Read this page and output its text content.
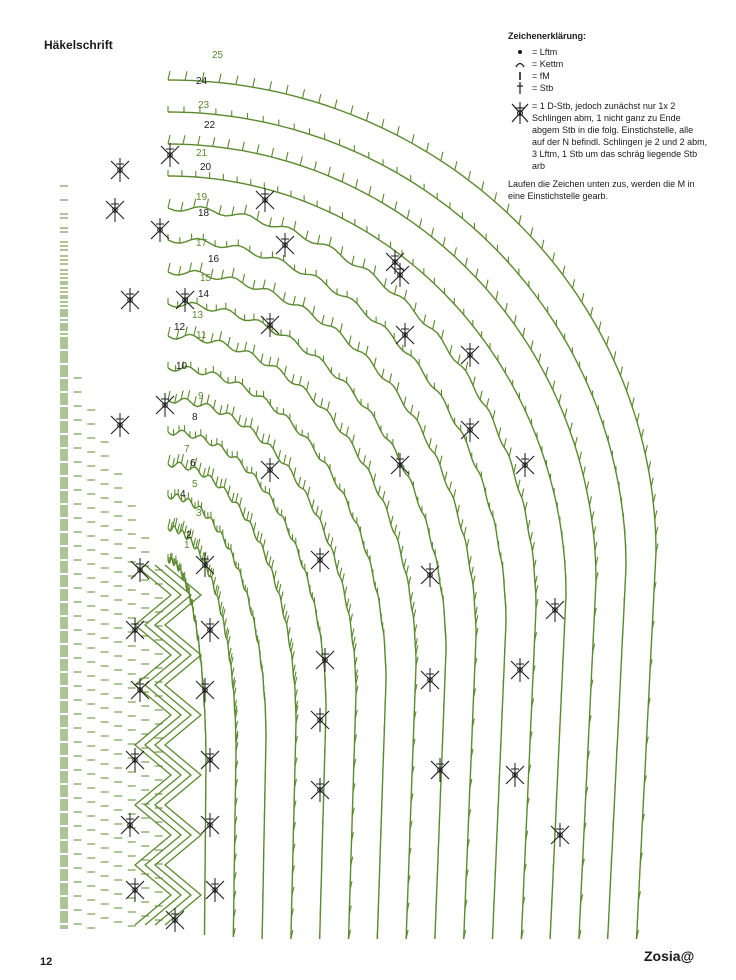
1
2
3
4
5
6
7
8
9
10
11
12
13
14
15
16
17
18
19
20
21
22
23
24
25
Häkelschrift
Zeichenerklärung:
= Lftm
= Kettm
= fM
= Stb
= 1 D-Stb, jedoch zunächst nur 1x 2 Schlingen abm, 1 nicht ganz zu Ende abgem Stb in die folg. Einstichstelle, alle auf der N befindl. Schlingen je 2 und 2 abm, 3 Lftm, 1 Stb um das schräg liegende Stb arb
Laufen die Zeichen unten zus, werden die M in eine Einstichstelle gearb.
12	Zosia@
